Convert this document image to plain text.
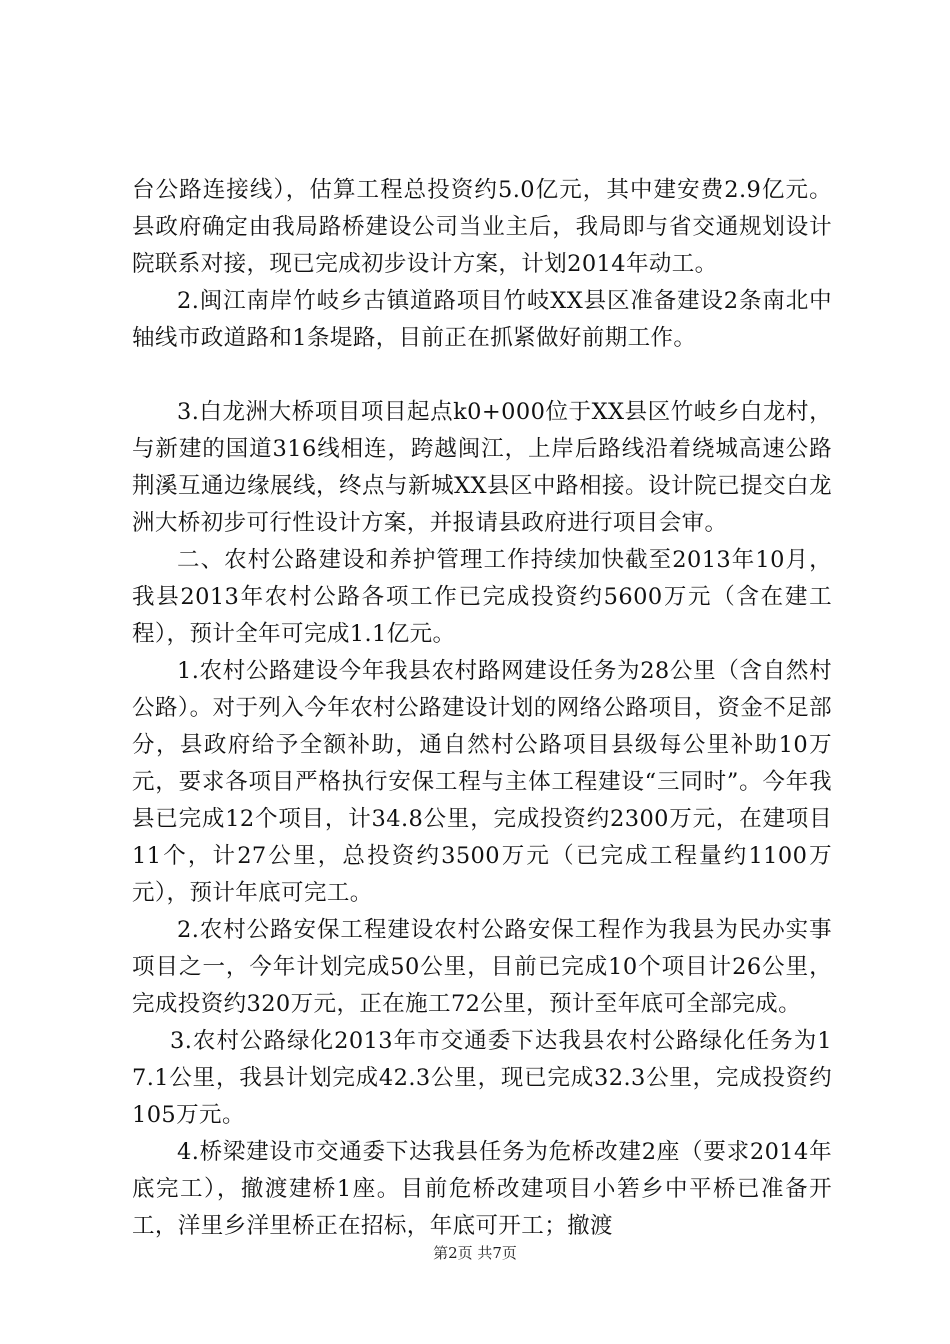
台公路连接线），估算工程总投资约5.0亿元，其中建安费2.9亿元。县政府确定由我局路桥建设公司当业主后，我局即与省交通规划设计院联系对接，现已完成初步设计方案，计划2014年动工。

2.闽江南岸竹岐乡古镇道路项目竹岐XX县区准备建设2条南北中轴线市政道路和1条堤路，目前正在抓紧做好前期工作。

3.白龙洲大桥项目项目起点k0+000位于XX县区竹岐乡白龙村，与新建的国道316线相连，跨越闽江，上岸后路线沿着绕城高速公路荆溪互通边缘展线，终点与新城XX县区中路相接。设计院已提交白龙洲大桥初步可行性设计方案，并报请县政府进行项目会审。

二、农村公路建设和养护管理工作持续加快截至2013年10月，我县2013年农村公路各项工作已完成投资约5600万元（含在建工程），预计全年可完成1.1亿元。

1.农村公路建设今年我县农村路网建设任务为28公里（含自然村公路）。对于列入今年农村公路建设计划的网络公路项目，资金不足部分，县政府给予全额补助，通自然村公路项目县级每公里补助10万元，要求各项目严格执行安保工程与主体工程建设“三同时”。今年我县已完成12个项目，计34.8公里，完成投资约2300万元，在建项目11个，计27公里，总投资约3500万元（已完成工程量约1100万元），预计年底可完工。

2.农村公路安保工程建设农村公路安保工程作为我县为民办实事项目之一，今年计划完成50公里，目前已完成10个项目计26公里，完成投资约320万元，正在施工72公里，预计至年底可全部完成。

3.农村公路绿化2013年市交通委下达我县农村公路绿化任务为17.1公里，我县计划完成42.3公里，现已完成32.3公里，完成投资约105万元。

4.桥梁建设市交通委下达我县任务为危桥改建2座（要求2014年底完工），撤渡建桥1座。目前危桥改建项目小箬乡中平桥已准备开工，洋里乡洋里桥正在招标，年底可开工；撤渡

第2页 共7页
